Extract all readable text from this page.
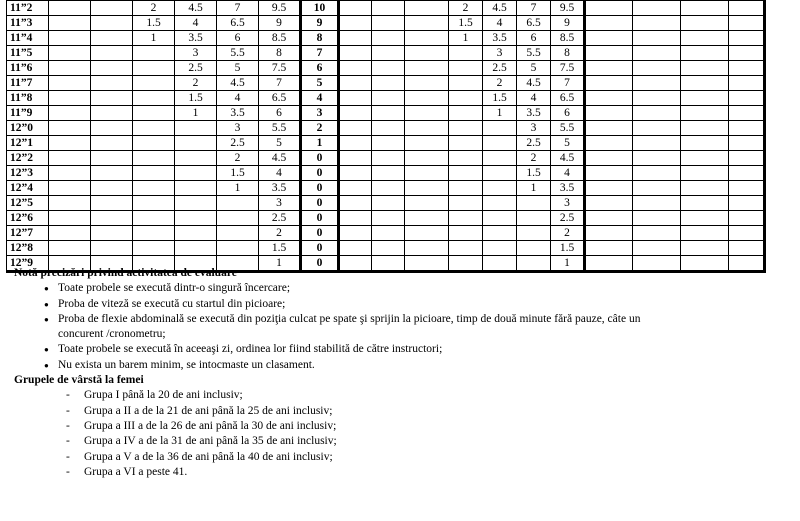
11”2			2	4.5	7	9.5	10				2	4.5	7	9.5				
11”3			1.5	4	6.5	9	9				1.5	4	6.5	9				
11”4			1	3.5	6	8.5	8				1	3.5	6	8.5				
11”5				3	5.5	8	7					3	5.5	8				
11”6				2.5	5	7.5	6					2.5	5	7.5				
11”7				2	4.5	7	5					2	4.5	7				
11”8				1.5	4	6.5	4					1.5	4	6.5				
11”9				1	3.5	6	3					1	3.5	6				
12”0					3	5.5	2						3	5.5				
12”1					2.5	5	1						2.5	5				
12”2					2	4.5	0						2	4.5				
12”3					1.5	4	0						1.5	4				
12”4					1	3.5	0						1	3.5				
12”5						3	0							3				
12”6						2.5	0							2.5				
12”7						2	0							2				
12”8						1.5	0							1.5				
12”9						1	0							1				
Notă precizări privind activitatea de evaluare
● Toate probele se execută dintr-o singură încercare;
● Proba de viteză se execută cu startul din picioare;
● Proba de flexie abdominală se execută din poziţia culcat pe spate şi sprijin la picioare, timp de două minute fără pauze, câte un
concurent /cronometru;
● Toate probele se execută în aceeaşi zi, ordinea lor fiind stabilită de către instructori;
● Nu exista un barem minim, se intocmaste un clasament.
Grupele de vârstă la femei
- Grupa I până la 20 de ani inclusiv;
- Grupa a II a de la 21 de ani până la 25 de ani inclusiv;
- Grupa a III a de la 26 de ani până la 30 de ani inclusiv;
- Grupa a IV a de la 31 de ani până la 35 de ani inclusiv;
- Grupa a V a de la 36 de ani până la 40 de ani inclusiv;
- Grupa a VI a peste 41.
